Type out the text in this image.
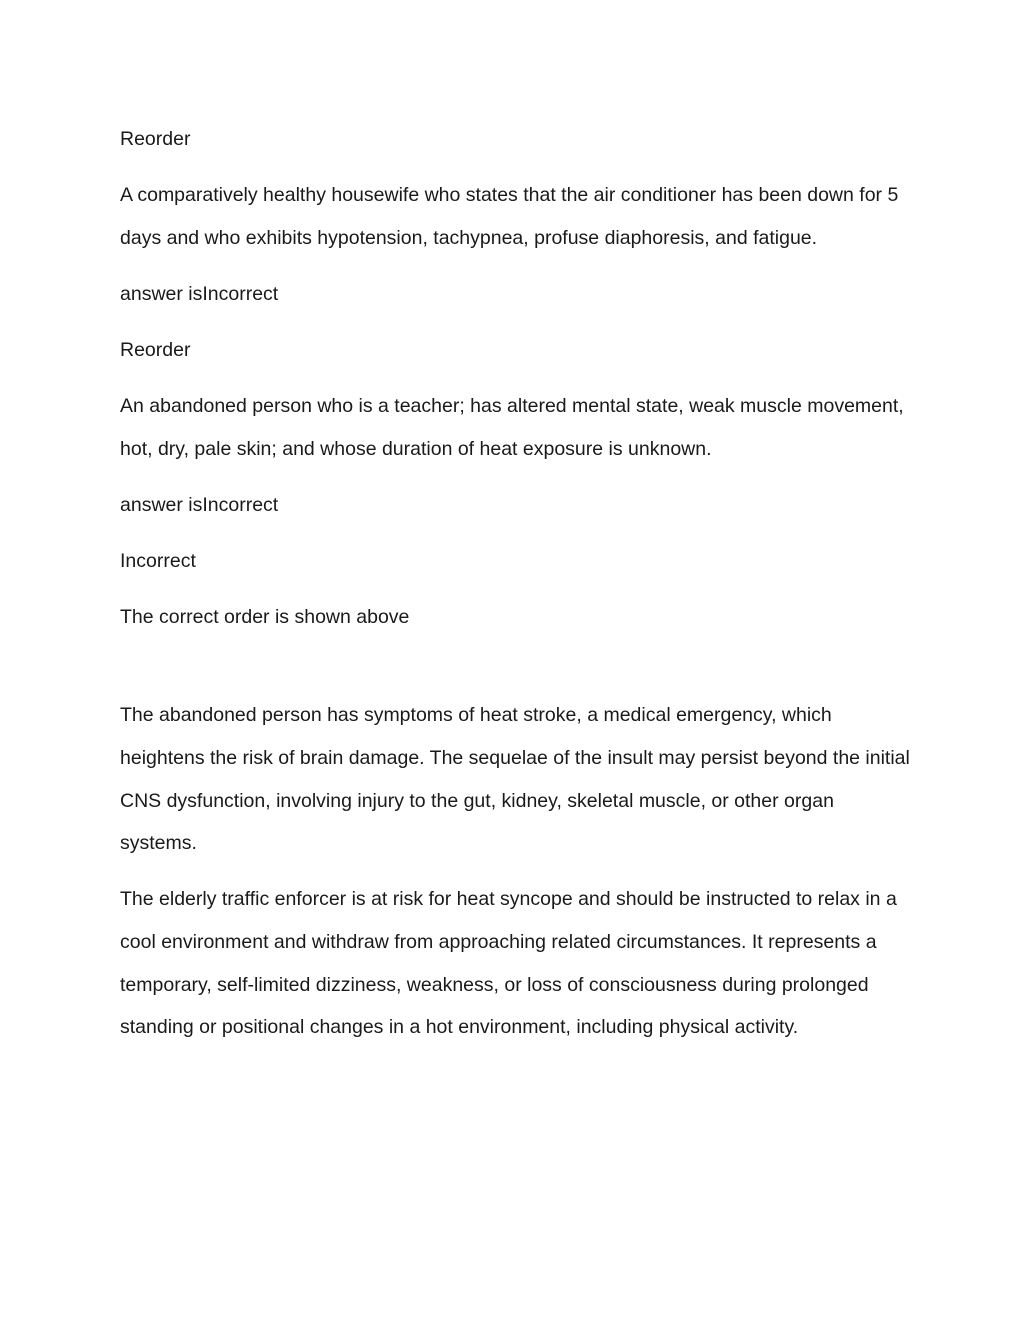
Reorder

A comparatively healthy housewife who states that the air conditioner has been down for 5 days and who exhibits hypotension, tachypnea, profuse diaphoresis, and fatigue.

answer isIncorrect

Reorder

An abandoned person who is a teacher; has altered mental state, weak muscle movement, hot, dry, pale skin; and whose duration of heat exposure is unknown.

answer isIncorrect

Incorrect

The correct order is shown above

The abandoned person has symptoms of heat stroke, a medical emergency, which heightens the risk of brain damage. The sequelae of the insult may persist beyond the initial CNS dysfunction, involving injury to the gut, kidney, skeletal muscle, or other organ systems.

The elderly traffic enforcer is at risk for heat syncope and should be instructed to relax in a cool environment and withdraw from approaching related circumstances. It represents a temporary, self-limited dizziness, weakness, or loss of consciousness during prolonged standing or positional changes in a hot environment, including physical activity.
